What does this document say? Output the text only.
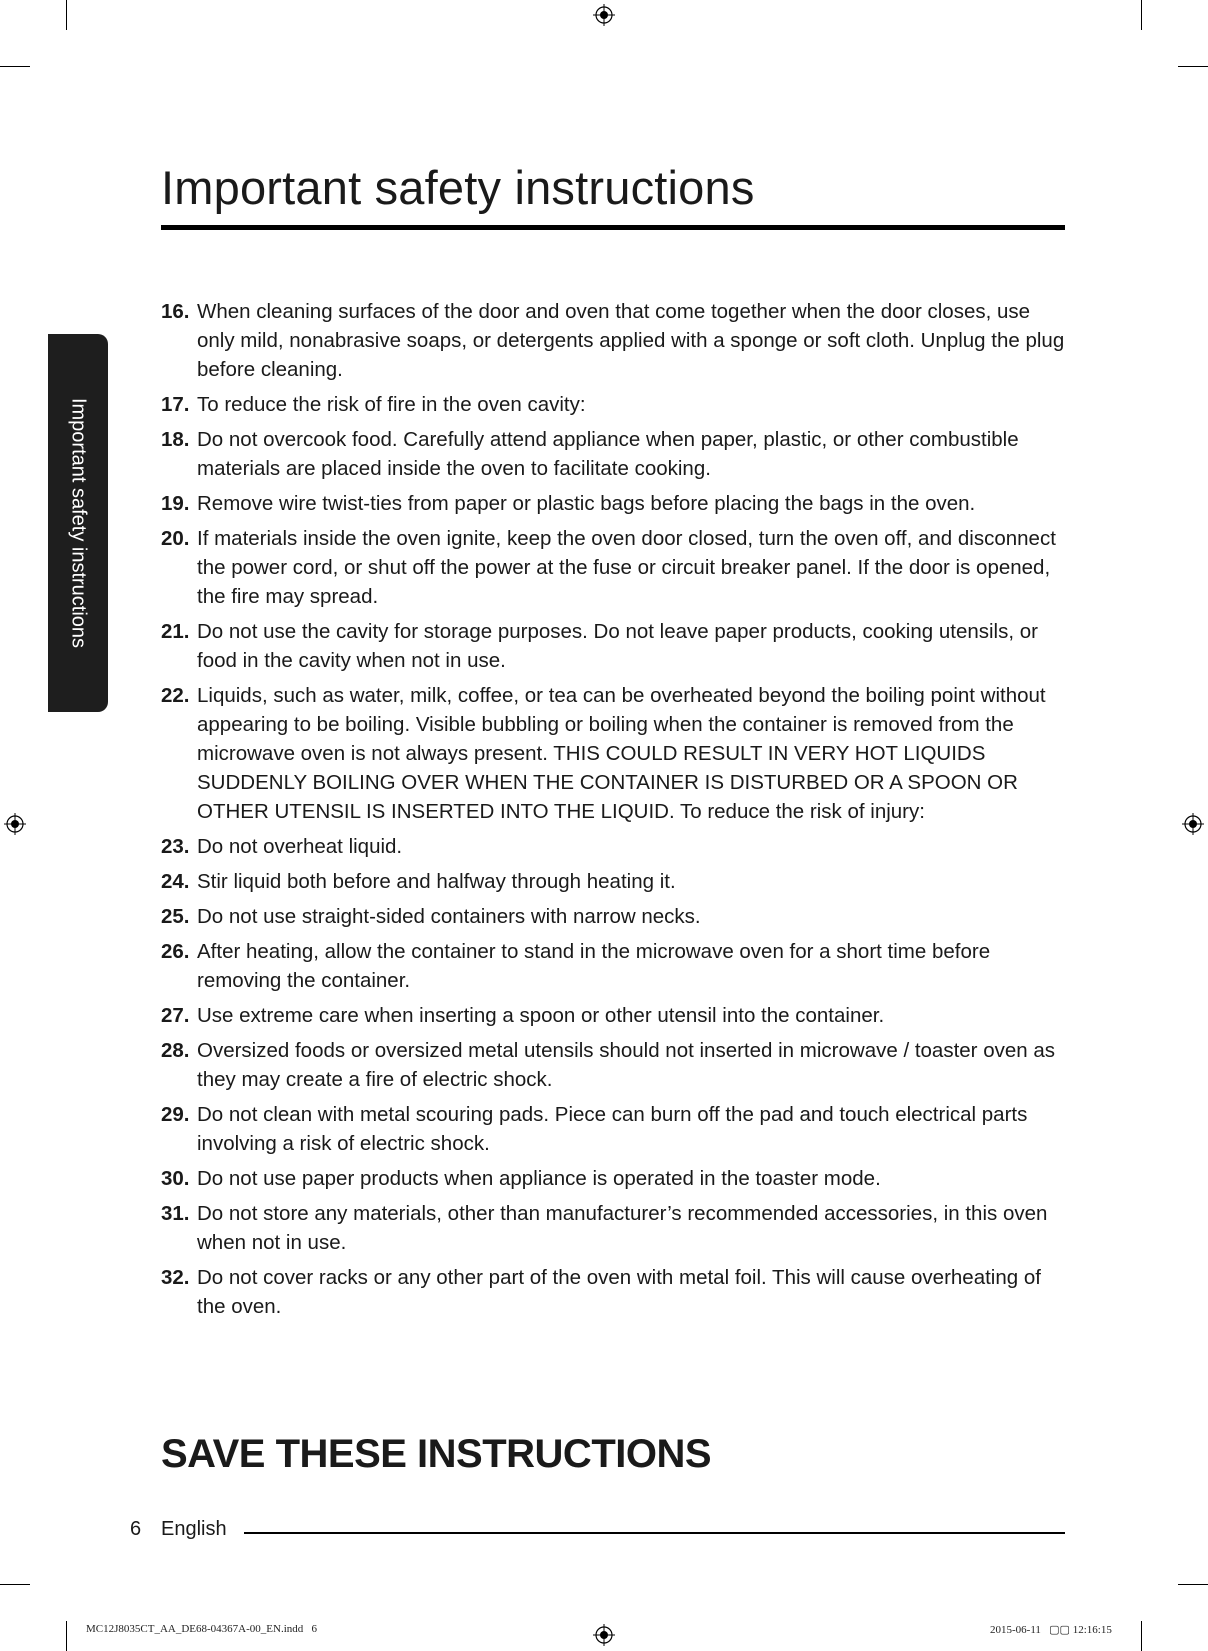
Important safety instructions
Important safety instructions
16. When cleaning surfaces of the door and oven that come together when the door closes, use only mild, nonabrasive soaps, or detergents applied with a sponge or soft cloth. Unplug the plug before cleaning.
17. To reduce the risk of fire in the oven cavity:
18. Do not overcook food. Carefully attend appliance when paper, plastic, or other combustible materials are placed inside the oven to facilitate cooking.
19. Remove wire twist-ties from paper or plastic bags before placing the bags in the oven.
20. If materials inside the oven ignite, keep the oven door closed, turn the oven off, and disconnect the power cord, or shut off the power at the fuse or circuit breaker panel. If the door is opened, the fire may spread.
21. Do not use the cavity for storage purposes. Do not leave paper products, cooking utensils, or food in the cavity when not in use.
22. Liquids, such as water, milk, coffee, or tea can be overheated beyond the boiling point without appearing to be boiling. Visible bubbling or boiling when the container is removed from the microwave oven is not always present. THIS COULD RESULT IN VERY HOT LIQUIDS SUDDENLY BOILING OVER WHEN THE CONTAINER IS DISTURBED OR A SPOON OR OTHER UTENSIL IS INSERTED INTO THE LIQUID. To reduce the risk of injury:
23. Do not overheat liquid.
24. Stir liquid both before and halfway through heating it.
25. Do not use straight-sided containers with narrow necks.
26. After heating, allow the container to stand in the microwave oven for a short time before removing the container.
27. Use extreme care when inserting a spoon or other utensil into the container.
28. Oversized foods or oversized metal utensils should not inserted in microwave / toaster oven as they may create a fire of electric shock.
29. Do not clean with metal scouring pads. Piece can burn off the pad and touch electrical parts involving a risk of electric shock.
30. Do not use paper products when appliance is operated in the toaster mode.
31. Do not store any materials, other than manufacturer’s recommended accessories, in this oven when not in use.
32. Do not cover racks or any other part of the oven with metal foil. This will cause overheating of the oven.
SAVE THESE INSTRUCTIONS
6 English
MC12J8035CT_AA_DE68-04367A-00_EN.indd   6	2015-06-11   ▢▢ 12:16:15
